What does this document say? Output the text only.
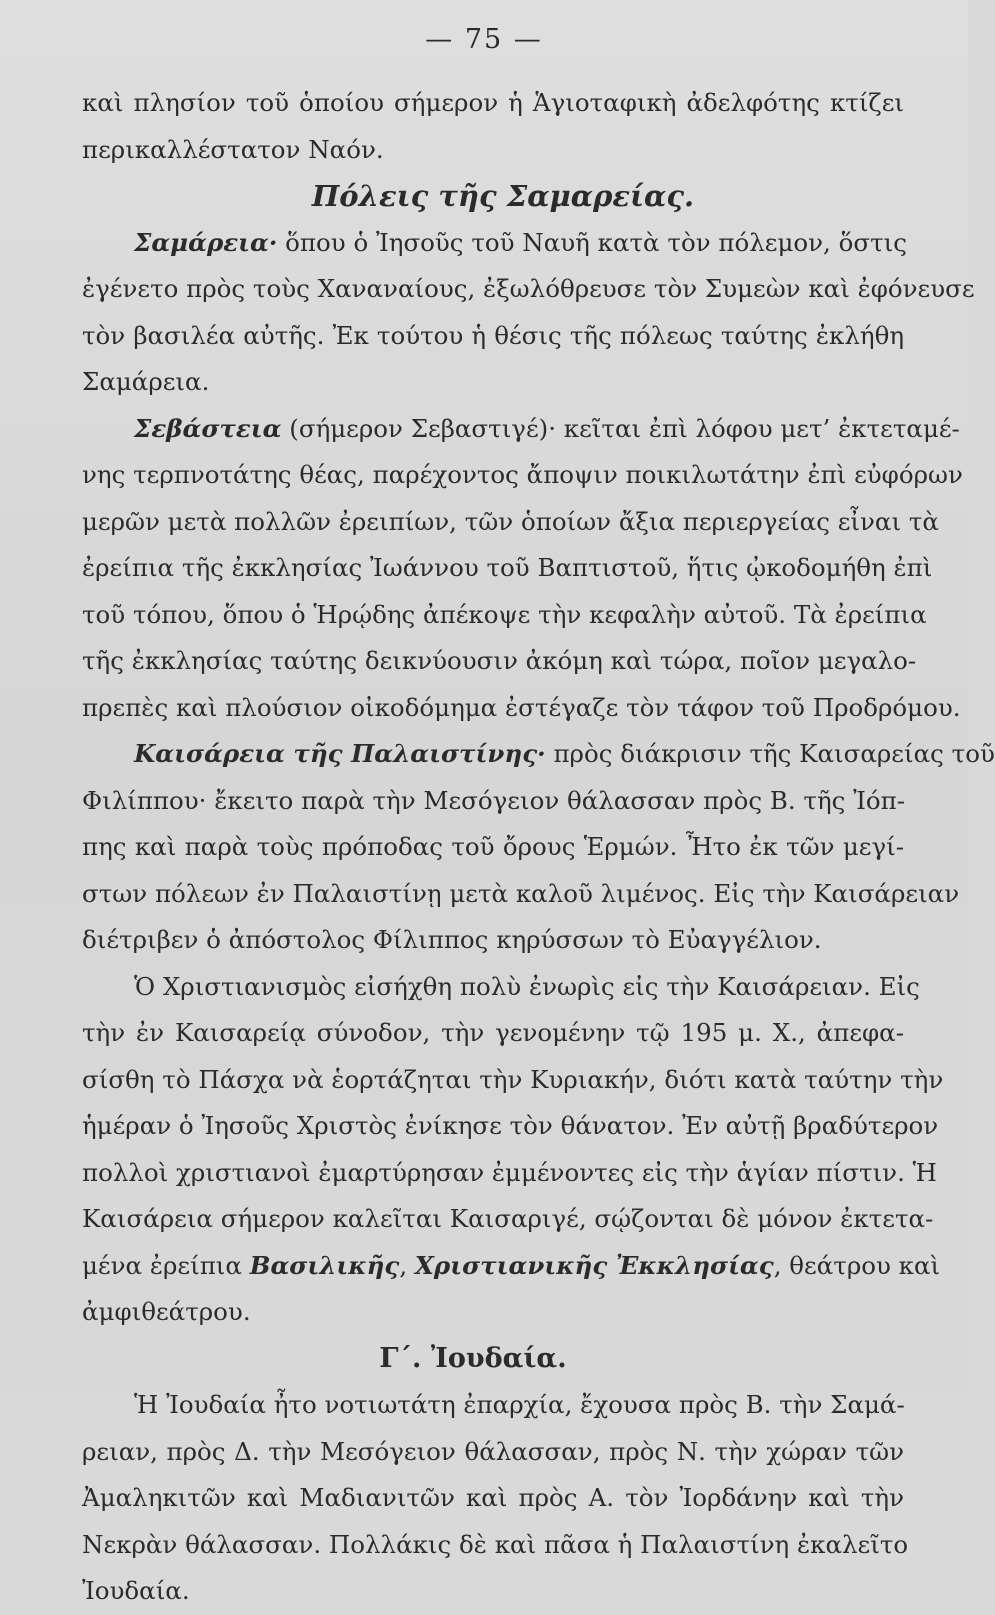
— 75 —
καὶ πλησίον τοῦ ὁποίου σήμερον ἡ Ἁγιοταφικὴ ἀδελφότης κτίζει
περικαλλέστατον Ναόν.
Πόλεις τῆς Σαμαρείας.
Σαμάρεια· ὅπου ὁ Ἰησοῦς τοῦ Ναυῆ κατὰ τὸν πόλεμον, ὅστις
ἐγένετο πρὸς τοὺς Χαναναίους, ἐξωλόθρευσε τὸν Συμεὼν καὶ ἐφόνευσε
τὸν βασιλέα αὐτῆς. Ἐκ τούτου ἡ θέσις τῆς πόλεως ταύτης ἐκλήθη
Σαμάρεια.
Σεβάστεια (σήμερον Σεβαστιγέ)· κεῖται ἐπὶ λόφου μετ’ ἐκτεταμέ-
νης τερπνοτάτης θέας, παρέχοντος ἄποψιν ποικιλωτάτην ἐπὶ εὐφόρων
μερῶν μετὰ πολλῶν ἐρειπίων, τῶν ὁποίων ἄξια περιεργείας εἶναι τὰ
ἐρείπια τῆς ἐκκλησίας Ἰωάννου τοῦ Βαπτιστοῦ, ἥτις ᾠκοδομήθη ἐπὶ
τοῦ τόπου, ὅπου ὁ Ἡρῴδης ἀπέκοψε τὴν κεφαλὴν αὐτοῦ. Τὰ ἐρείπια
τῆς ἐκκλησίας ταύτης δεικνύουσιν ἀκόμη καὶ τώρα, ποῖον μεγαλο-
πρεπὲς καὶ πλούσιον οἰκοδόμημα ἐστέγαζε τὸν τάφον τοῦ Προδρόμου.
Καισάρεια τῆς Παλαιστίνης· πρὸς διάκρισιν τῆς Καισαρείας τοῦ
Φιλίππου· ἔκειτο παρὰ τὴν Μεσόγειον θάλασσαν πρὸς Β. τῆς Ἰόπ-
πης καὶ παρὰ τοὺς πρόποδας τοῦ ὄρους Ἑρμών. Ἦτο ἐκ τῶν μεγί-
στων πόλεων ἐν Παλαιστίνῃ μετὰ καλοῦ λιμένος. Εἰς τὴν Καισάρειαν
διέτριβεν ὁ ἀπόστολος Φίλιππος κηρύσσων τὸ Εὐαγγέλιον.
Ὁ Χριστιανισμὸς εἰσήχθη πολὺ ἐνωρὶς εἰς τὴν Καισάρειαν. Εἰς
τὴν ἐν Καισαρείᾳ σύνοδον, τὴν γενομένην τῷ 195 μ. Χ., ἀπεφα-
σίσθη τὸ Πάσχα νὰ ἑορτάζηται τὴν Κυριακήν, διότι κατὰ ταύτην τὴν
ἡμέραν ὁ Ἰησοῦς Χριστὸς ἐνίκησε τὸν θάνατον. Ἐν αὐτῇ βραδύτερον
πολλοὶ χριστιανοὶ ἐμαρτύρησαν ἐμμένοντες εἰς τὴν ἁγίαν πίστιν. Ἡ
Καισάρεια σήμερον καλεῖται Καισαριγέ, σῴζονται δὲ μόνον ἐκτετα-
μένα ἐρείπια Βασιλικῆς, Χριστιανικῆς Ἐκκλησίας, θεάτρου καὶ
ἀμφιθεάτρου.
Γ΄. Ἰουδαία.
Ἡ Ἰουδαία ἦτο νοτιωτάτη ἐπαρχία, ἔχουσα πρὸς Β. τὴν Σαμά-
ρειαν, πρὸς Δ. τὴν Μεσόγειον θάλασσαν, πρὸς Ν. τὴν χώραν τῶν
Ἀμαληκιτῶν καὶ Μαδιανιτῶν καὶ πρὸς Α. τὸν Ἰορδάνην καὶ τὴν
Νεκρὰν θάλασσαν. Πολλάκις δὲ καὶ πᾶσα ἡ Παλαιστίνη ἐκαλεῖτο
Ἰουδαία.
